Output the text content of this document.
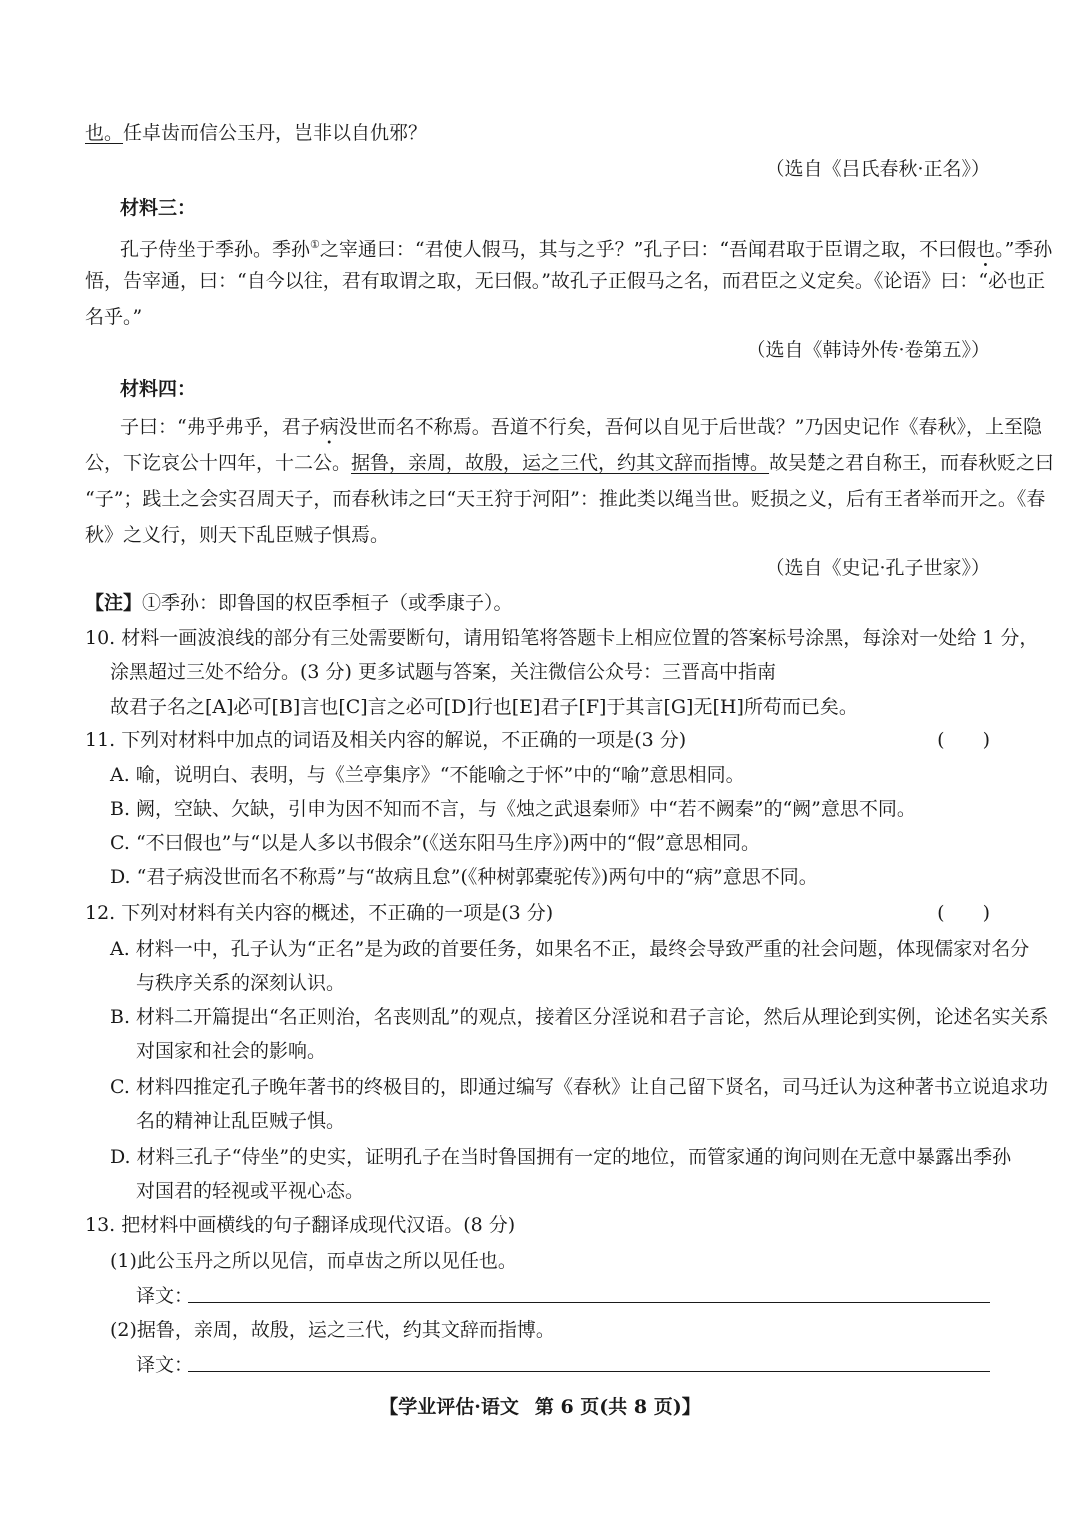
也。任卓齿而信公玉丹，岂非以自仇邪？
（选自《吕氏春秋·正名》）
材料三：
孔子侍坐于季孙。季孙①之宰通曰：“君使人假马，其与之乎？”孔子曰：“吾闻君取于臣谓之取，不曰假也。”季孙
悟，告宰通，曰：“自今以往，君有取谓之取，无曰假。”故孔子正假马之名，而君臣之义定矣。《论语》曰：“必也正
名乎。”
（选自《韩诗外传·卷第五》）
材料四：
子曰：“弗乎弗乎，君子病没世而名不称焉。吾道不行矣，吾何以自见于后世哉？”乃因史记作《春秋》，上至隐
公，下讫哀公十四年，十二公。据鲁，亲周，故殷，运之三代，约其文辞而指博。故吴楚之君自称王，而春秋贬之曰
“子”；践土之会实召周天子，而春秋讳之曰“天王狩于河阳”：推此类以绳当世。贬损之义，后有王者举而开之。《春
秋》之义行，则天下乱臣贼子惧焉。
（选自《史记·孔子世家》）
【注】①季孙：即鲁国的权臣季桓子（或季康子）。
10. 材料一画波浪线的部分有三处需要断句，请用铅笔将答题卡上相应位置的答案标号涂黑，每涂对一处给 1 分，
涂黑超过三处不给分。(3 分) 更多试题与答案，关注微信公众号：三晋高中指南
故君子名之[A]必可[B]言也[C]言之必可[D]行也[E]君子[F]于其言[G]无[H]所苟而已矣。
11. 下列对材料中加点的词语及相关内容的解说，不正确的一项是(3 分)	(　　)
A. 喻，说明白、表明，与《兰亭集序》“不能喻之于怀”中的“喻”意思相同。
B. 阙，空缺、欠缺，引申为因不知而不言，与《烛之武退秦师》中“若不阙秦”的“阙”意思不同。
C. “不曰假也”与“以是人多以书假余”(《送东阳马生序》)两中的“假”意思相同。
D. “君子病没世而名不称焉”与“故病且怠”(《种树郭橐驼传》)两句中的“病”意思不同。
12. 下列对材料有关内容的概述，不正确的一项是(3 分)	(　　)
A. 材料一中，孔子认为“正名”是为政的首要任务，如果名不正，最终会导致严重的社会问题，体现儒家对名分
与秩序关系的深刻认识。
B. 材料二开篇提出“名正则治，名丧则乱”的观点，接着区分淫说和君子言论，然后从理论到实例，论述名实关系
对国家和社会的影响。
C. 材料四推定孔子晚年著书的终极目的，即通过编写《春秋》让自己留下贤名，司马迁认为这种著书立说追求功
名的精神让乱臣贼子惧。
D. 材料三孔子“侍坐”的史实，证明孔子在当时鲁国拥有一定的地位，而管家通的询问则在无意中暴露出季孙
对国君的轻视或平视心态。
13. 把材料中画横线的句子翻译成现代汉语。(8 分)
(1)此公玉丹之所以见信，而卓齿之所以见任也。
译文：
(2)据鲁，亲周，故殷，运之三代，约其文辞而指博。
译文：
【学业评估·语文 第 6 页(共 8 页)】
